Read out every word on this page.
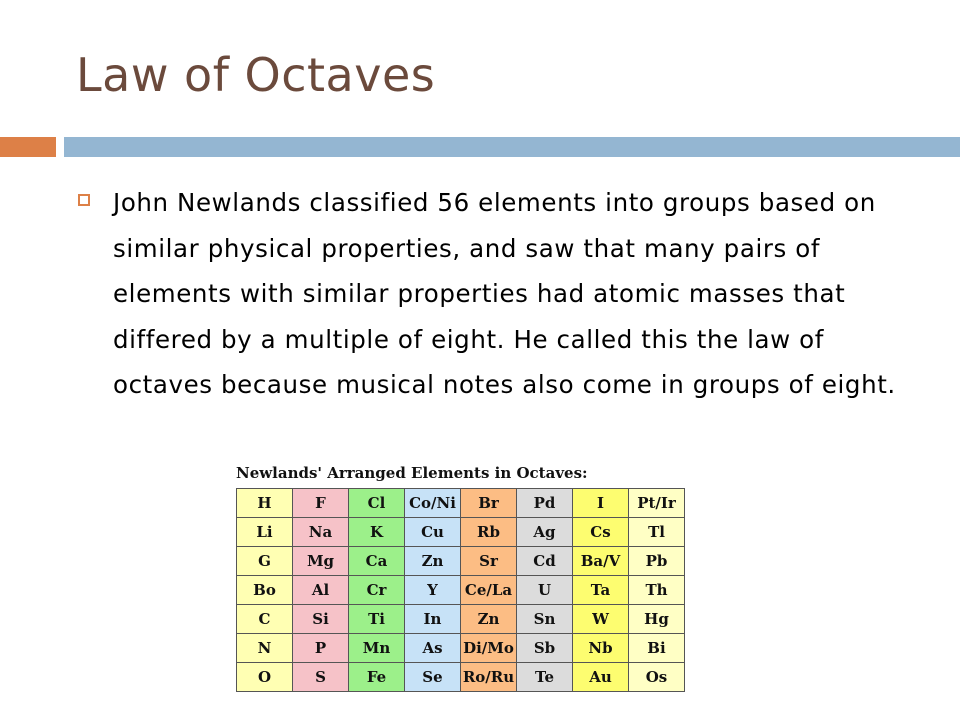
Law of Octaves
John Newlands classified 56 elements into groups based on similar physical properties, and saw that many pairs of elements with similar properties had atomic masses that differed by a multiple of eight. He called this the law of octaves because musical notes also come in groups of eight.
Newlands' Arranged Elements in Octaves:
H	F	Cl	Co/Ni	Br	Pd	I	Pt/Ir
Li	Na	K	Cu	Rb	Ag	Cs	Tl
G	Mg	Ca	Zn	Sr	Cd	Ba/V	Pb
Bo	Al	Cr	Y	Ce/La	U	Ta	Th
C	Si	Ti	In	Zn	Sn	W	Hg
N	P	Mn	As	Di/Mo	Sb	Nb	Bi
O	S	Fe	Se	Ro/Ru	Te	Au	Os
